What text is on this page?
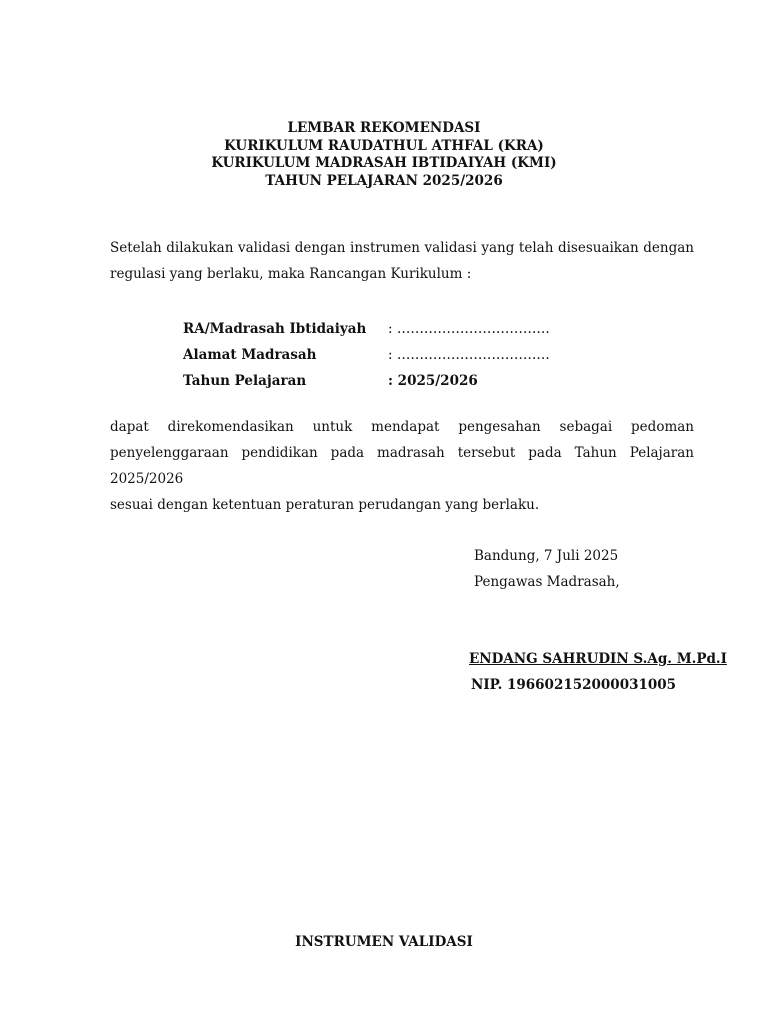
LEMBAR REKOMENDASI
KURIKULUM RAUDATHUL ATHFAL (KRA)
KURIKULUM MADRASAH IBTIDAIYAH (KMI)
TAHUN PELAJARAN 2025/2026
Setelah dilakukan validasi dengan instrumen validasi yang telah disesuaikan dengan
regulasi yang berlaku, maka Rancangan Kurikulum :
RA/Madrasah Ibtidaiyah	: …………………………….
Alamat Madrasah	: …………………………….
Tahun Pelajaran	: 2025/2026
dapat direkomendasikan untuk mendapat pengesahan sebagai pedoman
penyelenggaraan pendidikan pada madrasah tersebut pada Tahun Pelajaran 2025/2026
sesuai dengan ketentuan peraturan perudangan yang berlaku.
Bandung, 7 Juli 2025
Pengawas Madrasah,
ENDANG SAHRUDIN S.Ag. M.Pd.I
NIP. 196602152000031005
INSTRUMEN VALIDASI
